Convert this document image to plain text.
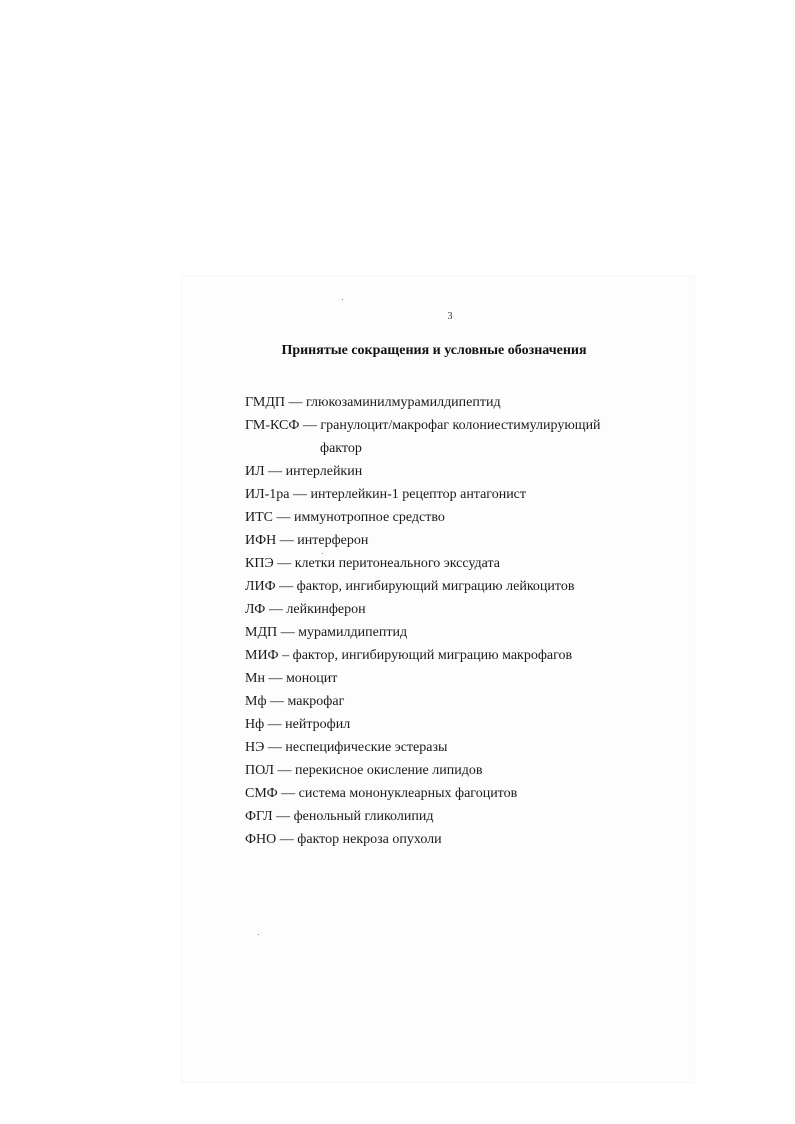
3
Принятые сокращения и условные обозначения
ГМДП — глюкозаминилмурамилдипептид
ГМ-КСФ — гранулоцит/макрофаг колониестимулирующий
фактор
ИЛ — интерлейкин
ИЛ-1ра — интерлейкин-1 рецептор антагонист
ИТС — иммунотропное средство
ИФН — интерферон
КПЭ — клетки перитонеального экссудата
ЛИФ — фактор, ингибирующий миграцию лейкоцитов
ЛФ — лейкинферон
МДП — мурамилдипептид
МИФ – фактор, ингибирующий миграцию макрофагов
Мн — моноцит
Мф — макрофаг
Нф — нейтрофил
НЭ — неспецифические эстеразы
ПОЛ — перекисное окисление липидов
СМФ — система мононуклеарных фагоцитов
ФГЛ — фенольный гликолипид
ФНО — фактор некроза опухоли
